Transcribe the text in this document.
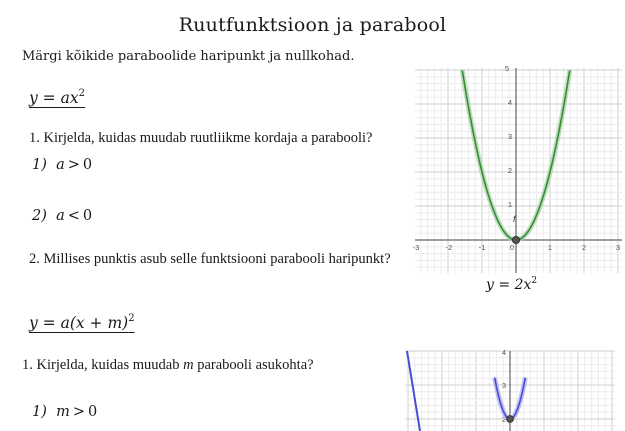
Ruutfunktsioon ja parabool
Märgi kõikide paraboolide haripunkt ja nullkohad.
$y = ax^2$
1. Kirjelda, kuidas muudab ruutliikme kordaja a parabooli?
1) a > 0
2) a < 0
2. Millises punktis asub selle funktsiooni parabooli haripunkt?
$y = a(x + m)^2$
1. Kirjelda, kuidas muudab m parabooli asukohta?
1) m > 0
5
4
3
2
1
-3	-2	-1	0	1	2	3
f
$y = 2x^2$
4
3
2
